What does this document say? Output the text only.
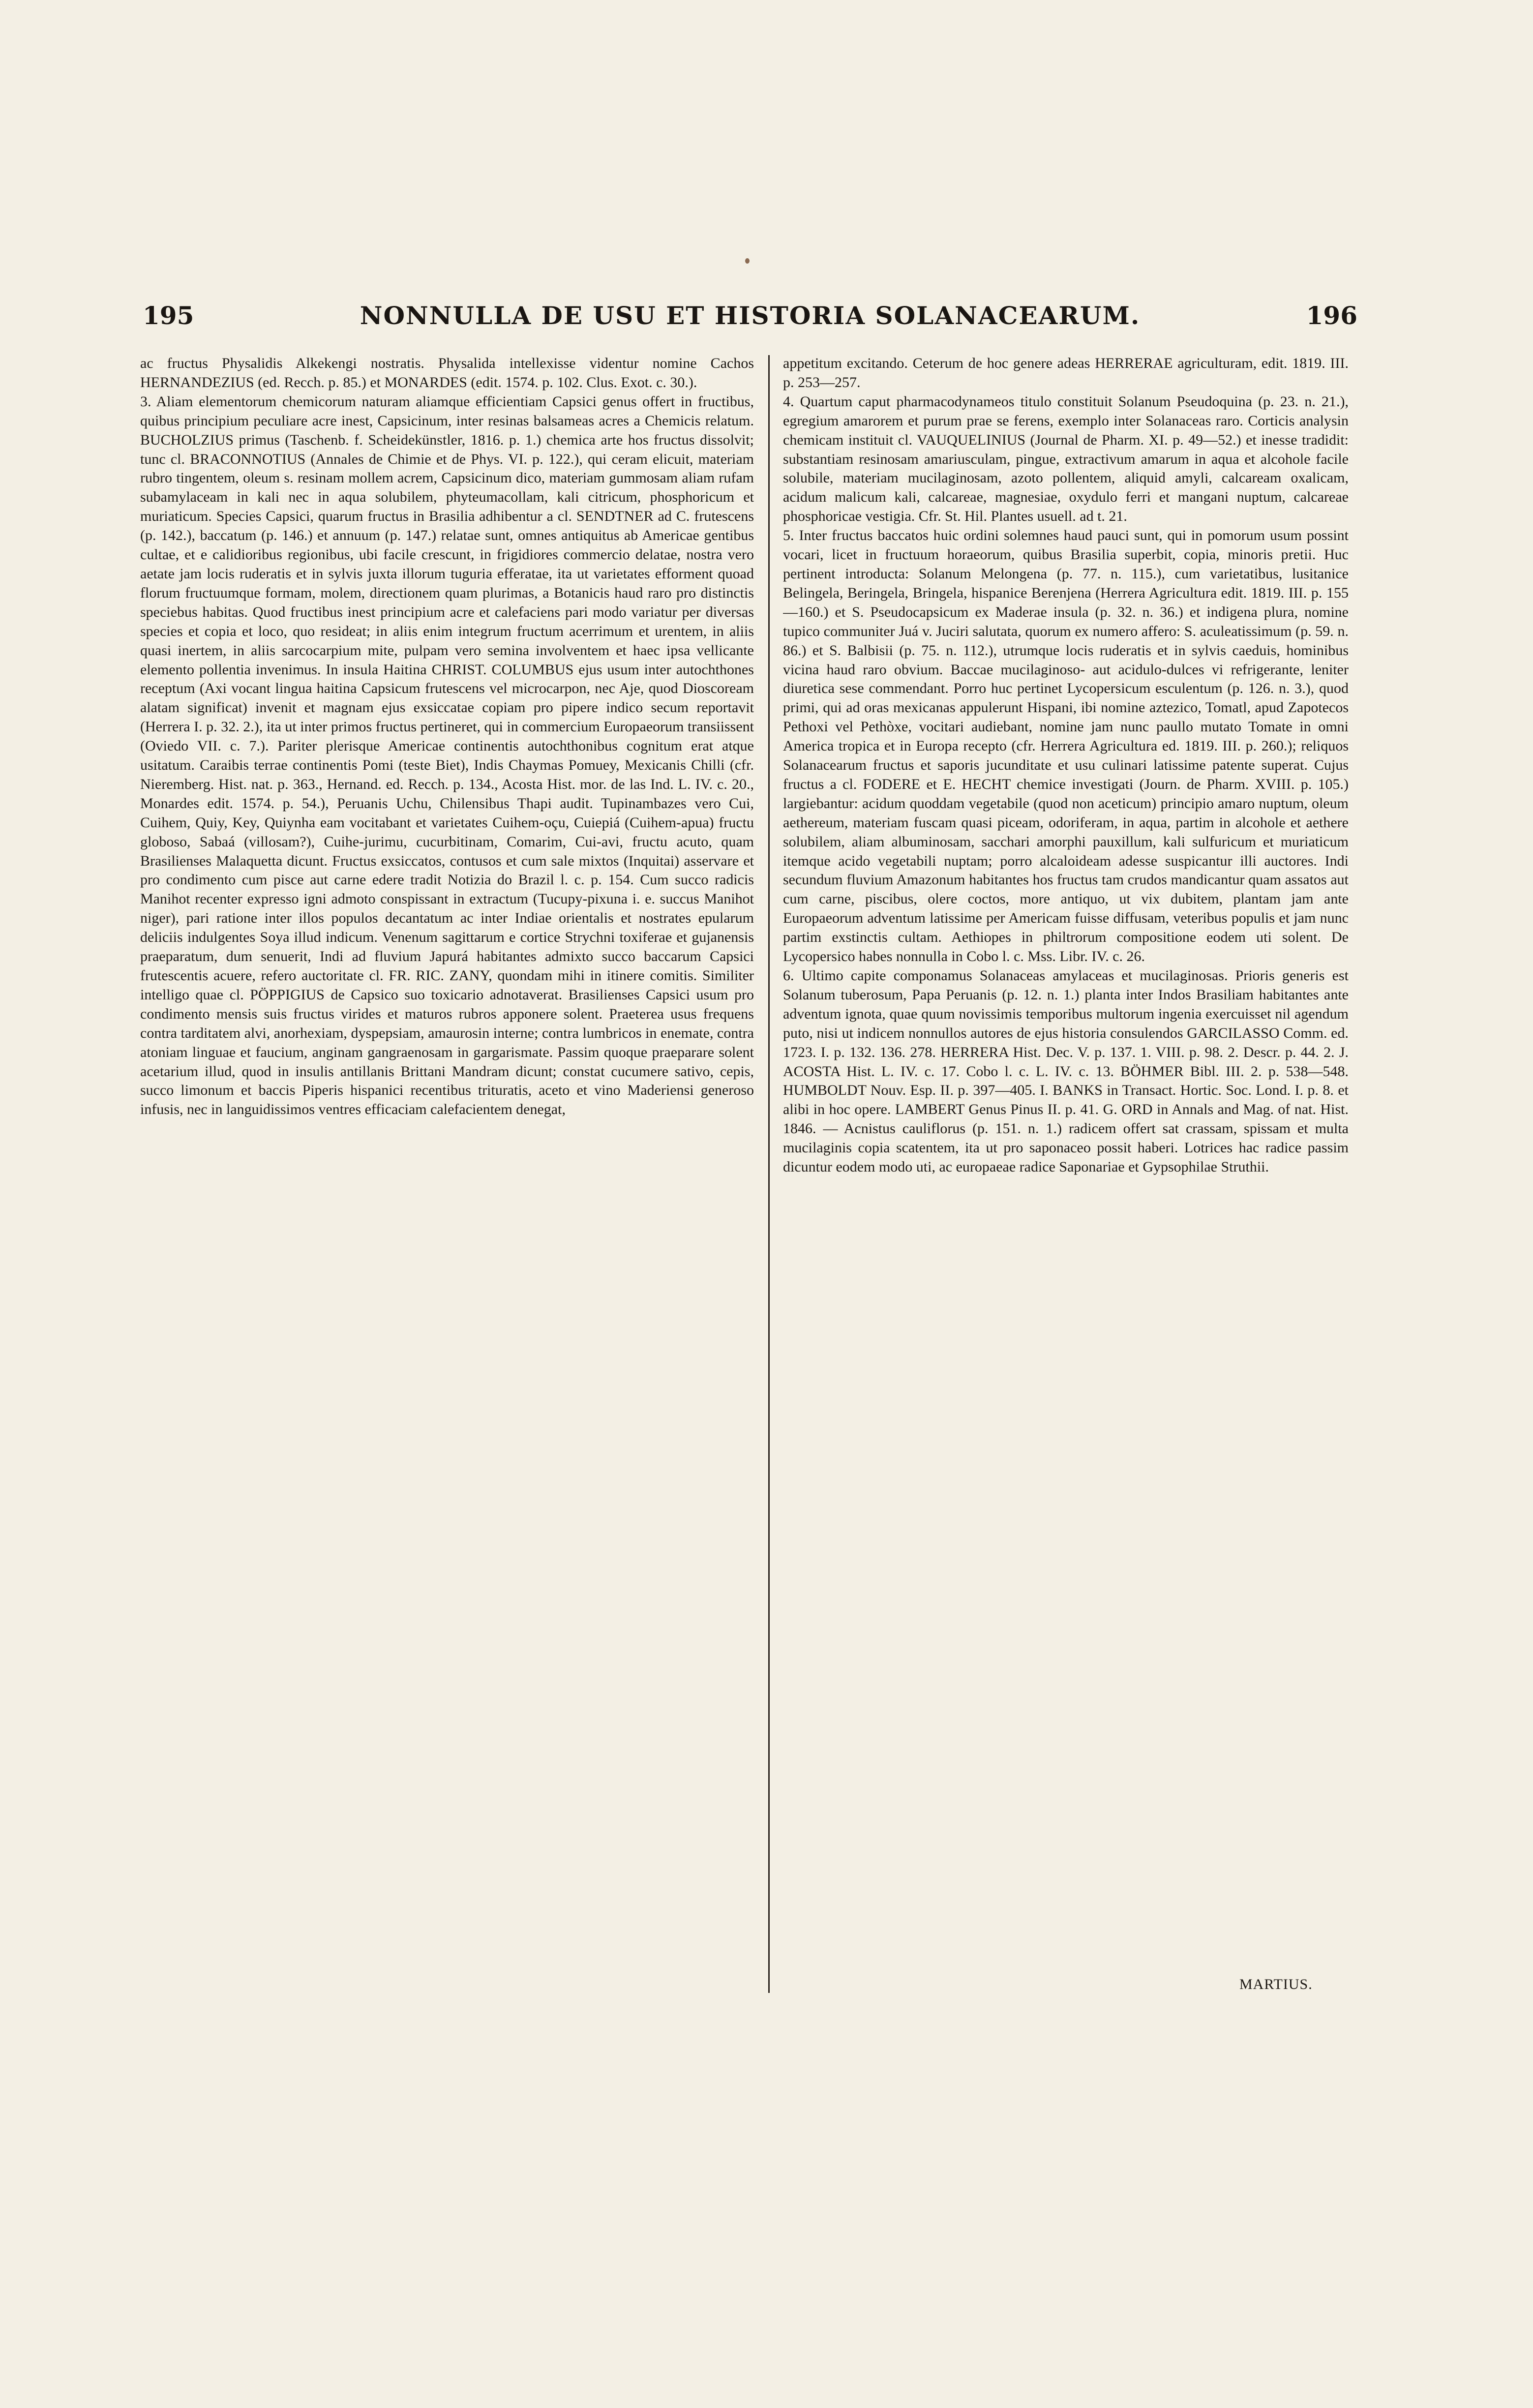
195	NONNULLA DE USU ET HISTORIA SOLANACEARUM.	196

ac fructus Physalidis Alkekengi nostratis. Physalida intellexisse videntur nomine Cachos HERNANDEZIUS (ed. Recch. p. 85.) et MONARDES (edit. 1574. p. 102. Clus. Exot. c. 30.).

3. Aliam elementorum chemicorum naturam aliamque efficientiam Capsici genus offert in fructibus, quibus principium peculiare acre inest, Capsicinum, inter resinas balsameas acres a Chemicis relatum. BUCHOLZIUS primus (Taschenb. f. Scheidekünstler, 1816. p. 1.) chemica arte hos fructus dissolvit; tunc cl. BRACONNOTIUS (Annales de Chimie et de Phys. VI. p. 122.), qui ceram elicuit, materiam rubro tingentem, oleum s. resinam mollem acrem, Capsicinum dico, materiam gummosam aliam rufam subamylaceam in kali nec in aqua solubilem, phyteumacollam, kali citricum, phosphoricum et muriaticum. Species Capsici, quarum fructus in Brasilia adhibentur a cl. SENDTNER ad C. frutescens (p. 142.), baccatum (p. 146.) et annuum (p. 147.) relatae sunt, omnes antiquitus ab Americae gentibus cultae, et e calidioribus regionibus, ubi facile crescunt, in frigidiores commercio delatae, nostra vero aetate jam locis ruderatis et in sylvis juxta illorum tuguria efferatae, ita ut varietates efforment quoad florum fructuumque formam, molem, directionem quam plurimas, a Botanicis haud raro pro distinctis speciebus habitas. Quod fructibus inest principium acre et calefaciens pari modo variatur per diversas species et copia et loco, quo resideat; in aliis enim integrum fructum acerrimum et urentem, in aliis quasi inertem, in aliis sarcocarpium mite, pulpam vero semina involventem et haec ipsa vellicante elemento pollentia invenimus. In insula Haitina CHRIST. COLUMBUS ejus usum inter autochthones receptum (Axi vocant lingua haitina Capsicum frutescens vel microcarpon, nec Aje, quod Dioscoream alatam significat) invenit et magnam ejus exsiccatae copiam pro pipere indico secum reportavit (Herrera I. p. 32. 2.), ita ut inter primos fructus pertineret, qui in commercium Europaeorum transiissent (Oviedo VII. c. 7.). Pariter plerisque Americae continentis autochthonibus cognitum erat atque usitatum. Caraibis terrae continentis Pomi (teste Biet), Indis Chaymas Pomuey, Mexicanis Chilli (cfr. Nieremberg. Hist. nat. p. 363., Hernand. ed. Recch. p. 134., Acosta Hist. mor. de las Ind. L. IV. c. 20., Monardes edit. 1574. p. 54.), Peruanis Uchu, Chilensibus Thapi audit. Tupinambazes vero Cui, Cuihem, Quiy, Key, Quiynha eam vocitabant et varietates Cuihem-oçu, Cuiepiá (Cuihem-apua) fructu globoso, Sabaá (villosam?), Cuihe-jurimu, cucurbitinam, Comarim, Cui-avi, fructu acuto, quam Brasilienses Malaquetta dicunt. Fructus exsiccatos, contusos et cum sale mixtos (Inquitai) asservare et pro condimento cum pisce aut carne edere tradit Notizia do Brazil l. c. p. 154. Cum succo radicis Manihot recenter expresso igni admoto conspissant in extractum (Tucupy-pixuna i. e. succus Manihot niger), pari ratione inter illos populos decantatum ac inter Indiae orientalis et nostrates epularum deliciis indulgentes Soya illud indicum. Venenum sagittarum e cortice Strychni toxiferae et gujanensis praeparatum, dum senuerit, Indi ad fluvium Japurá habitantes admixto succo baccarum Capsici frutescentis acuere, refero auctoritate cl. FR. RIC. ZANY, quondam mihi in itinere comitis. Similiter intelligo quae cl. PÖPPIGIUS de Capsico suo toxicario adnotaverat. Brasilienses Capsici usum pro condimento mensis suis fructus virides et maturos rubros apponere solent. Praeterea usus frequens contra tarditatem alvi, anorhexiam, dyspepsiam, amaurosin interne; contra lumbricos in enemate, contra atoniam linguae et faucium, anginam gangraenosam in gargarismate. Passim quoque praeparare solent acetarium illud, quod in insulis antillanis Brittani Mandram dicunt; constat cucumere sativo, cepis, succo limonum et baccis Piperis hispanici recentibus trituratis, aceto et vino Maderiensi generoso infusis, nec in languidissimos ventres efficaciam calefacientem denegat,

appetitum excitando. Ceterum de hoc genere adeas HERRERAE agriculturam, edit. 1819. III. p. 253—257.

4. Quartum caput pharmacodynameos titulo constituit Solanum Pseudoquina (p. 23. n. 21.), egregium amarorem et purum prae se ferens, exemplo inter Solanaceas raro. Corticis analysin chemicam instituit cl. VAUQUELINIUS (Journal de Pharm. XI. p. 49—52.) et inesse tradidit: substantiam resinosam amariusculam, pingue, extractivum amarum in aqua et alcohole facile solubile, materiam mucilaginosam, azoto pollentem, aliquid amyli, calcaream oxalicam, acidum malicum kali, calcareae, magnesiae, oxydulo ferri et mangani nuptum, calcareae phosphoricae vestigia. Cfr. St. Hil. Plantes usuell. ad t. 21.

5. Inter fructus baccatos huic ordini solemnes haud pauci sunt, qui in pomorum usum possint vocari, licet in fructuum horaeorum, quibus Brasilia superbit, copia, minoris pretii. Huc pertinent introducta: Solanum Melongena (p. 77. n. 115.), cum varietatibus, lusitanice Belingela, Beringela, Bringela, hispanice Berenjena (Herrera Agricultura edit. 1819. III. p. 155—160.) et S. Pseudocapsicum ex Maderae insula (p. 32. n. 36.) et indigena plura, nomine tupico communiter Juá v. Juciri salutata, quorum ex numero affero: S. aculeatissimum (p. 59. n. 86.) et S. Balbisii (p. 75. n. 112.), utrumque locis ruderatis et in sylvis caeduis, hominibus vicina haud raro obvium. Baccae mucilaginoso- aut acidulo-dulces vi refrigerante, leniter diuretica sese commendant. Porro huc pertinet Lycopersicum esculentum (p. 126. n. 3.), quod primi, qui ad oras mexicanas appulerunt Hispani, ibi nomine aztezico, Tomatl, apud Zapotecos Pethoxi vel Pethòxe, vocitari audiebant, nomine jam nunc paullo mutato Tomate in omni America tropica et in Europa recepto (cfr. Herrera Agricultura ed. 1819. III. p. 260.); reliquos Solanacearum fructus et saporis jucunditate et usu culinari latissime patente superat. Cujus fructus a cl. FODERE et E. HECHT chemice investigati (Journ. de Pharm. XVIII. p. 105.) largiebantur: acidum quoddam vegetabile (quod non aceticum) principio amaro nuptum, oleum aethereum, materiam fuscam quasi piceam, odoriferam, in aqua, partim in alcohole et aethere solubilem, aliam albuminosam, sacchari amorphi pauxillum, kali sulfuricum et muriaticum itemque acido vegetabili nuptam; porro alcaloideam adesse suspicantur illi auctores. Indi secundum fluvium Amazonum habitantes hos fructus tam crudos mandicantur quam assatos aut cum carne, piscibus, olere coctos, more antiquo, ut vix dubitem, plantam jam ante Europaeorum adventum latissime per Americam fuisse diffusam, veteribus populis et jam nunc partim exstinctis cultam. Aethiopes in philtrorum compositione eodem uti solent. De Lycopersico habes nonnulla in Cobo l. c. Mss. Libr. IV. c. 26.

6. Ultimo capite componamus Solanaceas amylaceas et mucilaginosas. Prioris generis est Solanum tuberosum, Papa Peruanis (p. 12. n. 1.) planta inter Indos Brasiliam habitantes ante adventum ignota, quae quum novissimis temporibus multorum ingenia exercuisset nil agendum puto, nisi ut indicem nonnullos autores de ejus historia consulendos GARCILASSO Comm. ed. 1723. I. p. 132. 136. 278. HERRERA Hist. Dec. V. p. 137. 1. VIII. p. 98. 2. Descr. p. 44. 2. J. ACOSTA Hist. L. IV. c. 17. Cobo l. c. L. IV. c. 13. BÖHMER Bibl. III. 2. p. 538—548. HUMBOLDT Nouv. Esp. II. p. 397—405. I. BANKS in Transact. Hortic. Soc. Lond. I. p. 8. et alibi in hoc opere. LAMBERT Genus Pinus II. p. 41. G. ORD in Annals and Mag. of nat. Hist. 1846. — Acnistus cauliflorus (p. 151. n. 1.) radicem offert sat crassam, spissam et multa mucilaginis copia scatentem, ita ut pro saponaceo possit haberi. Lotrices hac radice passim dicuntur eodem modo uti, ac europaeae radice Saponariae et Gypsophilae Struthii.

MARTIUS.
